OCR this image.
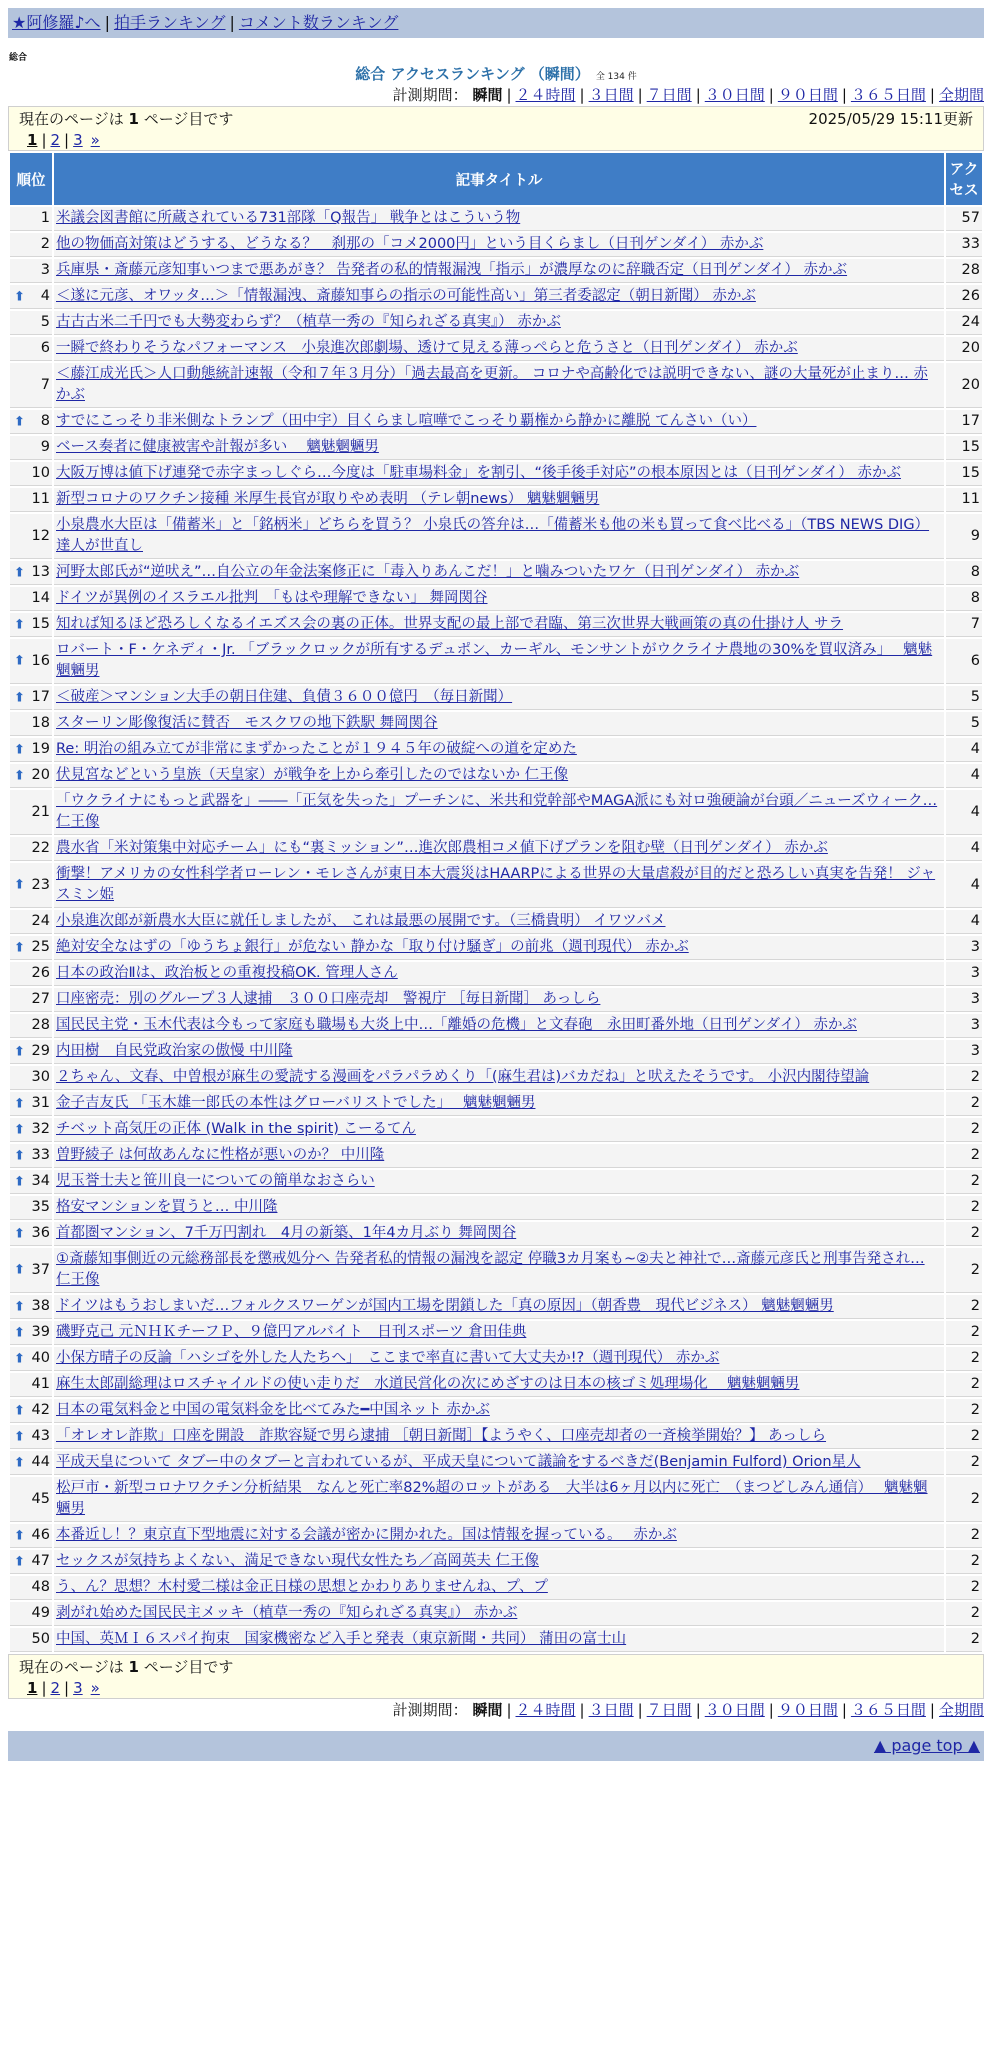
★阿修羅♪へ | 拍手ランキング | コメント数ランキング
総合
総合 アクセスランキング （瞬間） 全 134 件
計測期間： 瞬間 | ２４時間 | ３日間 | ７日間 | ３０日間 | ９０日間 | ３６５日間 | 全期間
現在のページは 1 ページ目です	2025/05/29 15:11更新
1 | 2 | 3 »
順位	記事タイトル	アクセス
1	米議会図書館に所蔵されている731部隊「Q報告」 戦争とはこういう物	57
2	他の物価高対策はどうする、どうなる？　刹那の「コメ2000円」という目くらまし（日刊ゲンダイ） 赤かぶ	33
3	兵庫県・斎藤元彦知事いつまで悪あがき？ 告発者の私的情報漏洩「指示」が濃厚なのに辞職否定（日刊ゲンダイ） 赤かぶ	28

⬆ 4	＜遂に元彦、オワッタ…＞「情報漏洩、斎藤知事らの指示の可能性高い」第三者委認定（朝日新聞） 赤かぶ	26
5	古古古米二千円でも大勢変わらず？（植草一秀の『知られざる真実』） 赤かぶ	24
6	一瞬で終わりそうなパフォーマンス　小泉進次郎劇場、透けて見える薄っぺらと危うさと（日刊ゲンダイ） 赤かぶ	20
7	＜藤江成光氏＞人口動態統計速報（令和７年３月分）「過去最高を更新。 コロナや高齢化では説明できない、謎の大量死が止まり… 赤かぶ	20

⬆ 8	すでにこっそり非米側なトランプ（田中宇）目くらまし喧嘩でこっそり覇権から静かに離脱 てんさい（い）	17
9	ベース奏者に健康被害や計報が多い　 魑魅魍魎男	15
10	大阪万博は値下げ連発で赤字まっしぐら…今度は「駐車場料金」を割引、“後手後手対応”の根本原因とは（日刊ゲンダイ） 赤かぶ	15
11	新型コロナのワクチン接種 米厚生長官が取りやめ表明 （テレ朝news） 魑魅魍魎男	11
12	小泉農水大臣は「備蓄米」と「銘柄米」どちらを買う？ 小泉氏の答弁は…「備蓄米も他の米も買って食べ比べる」（TBS NEWS DIG） 達人が世直し	9

⬆ 13	河野太郎氏が“逆吠え”…自公立の年金法案修正に「毒入りあんこだ！」と噛みついたワケ（日刊ゲンダイ） 赤かぶ	8
14	ドイツが異例のイスラエル批判　「もはや理解できない」 舞岡関谷	8

⬆ 15	知れば知るほど恐ろしくなるイエズス会の裏の正体。世界支配の最上部で君臨、第三次世界大戦画策の真の仕掛け人 サラ	7

⬆ 16	ロバート・F・ケネディ・Jr. 「ブラックロックが所有するデュポン、カーギル、モンサントがウクライナ農地の30%を買収済み」　 魑魅魍魎男	6

⬆ 17	＜破産＞マンション大手の朝日住建、負債３６００億円　（毎日新聞）	5
18	スターリン彫像復活に賛否　モスクワの地下鉄駅 舞岡関谷	5

⬆ 19	Re: 明治の組み立てが非常にまずかったことが１９４５年の破綻への道を定めた	4

⬆ 20	伏見宮などという皇族（天皇家）が戦争を上から牽引したのではないか 仁王像	4
21	「ウクライナにもっと武器を」――「正気を失った」プーチンに、米共和党幹部やMAGA派にも対ロ強硬論が台頭／ニューズウィーク… 仁王像	4
22	農水省「米対策集中対応チーム」にも“裏ミッション”…進次郎農相コメ値下げプランを阻む壁（日刊ゲンダイ） 赤かぶ	4

⬆ 23	衝撃！アメリカの女性科学者ローレン・モレさんが東日本大震災はHAARPによる世界の大量虐殺が目的だと恐ろしい真実を告発！ ジャスミン姫	4
24	小泉進次郎が新農水大臣に就任しましたが、 これは最悪の展開です。（三橋貴明） イワツバメ	4

⬆ 25	絶対安全なはずの「ゆうちょ銀行」が危ない 静かな「取り付け騒ぎ」の前兆（週刊現代） 赤かぶ	3
26	日本の政治Ⅱは、政治板との重複投稿OK. 管理人さん	3
27	口座密売：別のグループ３人逮捕　３００口座売却　警視庁 ［毎日新聞］ あっしら	3
28	国民民主党・玉木代表は今もって家庭も職場も大炎上中…「離婚の危機」と文春砲　永田町番外地（日刊ゲンダイ） 赤かぶ	3

⬆ 29	内田樹　自民党政治家の傲慢 中川隆	3
30	２ちゃん、文春、中曽根が麻生の愛読する漫画をパラパラめくり「(麻生君は)バカだね」と吠えたそうです。 小沢内閣待望論	2

⬆ 31	金子吉友氏 「玉木雄一郎氏の本性はグローバリストでした」　 魑魅魍魎男	2

⬆ 32	チベット高気圧の正体 (Walk in the spirit) こーるてん	2

⬆ 33	曽野綾子 は何故あんなに性格が悪いのか？ 中川隆	2

⬆ 34	児玉誉士夫と笹川良一についての簡単なおさらい	2
35	格安マンションを買うと… 中川隆	2

⬆ 36	首都圏マンション、7千万円割れ　4月の新築、1年4カ月ぶり 舞岡関谷	2

⬆ 37	①斎藤知事側近の元総務部長を懲戒処分へ 告発者私的情報の漏洩を認定 停職3カ月案も~②夫と神社で…斎藤元彦氏と刑事告発され… 仁王像	2

⬆ 38	ドイツはもうおしまいだ…フォルクスワーゲンが国内工場を閉鎖した「真の原因」（朝香豊　現代ビジネス） 魑魅魍魎男	2

⬆ 39	磯野克己 元ＮＨＫチーフＰ、９億円アルバイト　日刊スポーツ 倉田佳典	2

⬆ 40	小保方晴子の反論「ハシゴを外した人たちへ」　ここまで率直に書いて大丈夫か!?（週刊現代） 赤かぶ	2
41	麻生太郎副総理はロスチャイルドの使い走りだ　水道民営化の次にめざすのは日本の核ゴミ処理場化　 魑魅魍魎男	2

⬆ 42	日本の電気料金と中国の電気料金を比べてみた━中国ネット 赤かぶ	2

⬆ 43	「オレオレ詐欺」口座を開設　詐欺容疑で男ら逮捕 ［朝日新聞］【ようやく、口座売却者の一斉検挙開始？】 あっしら	2

⬆ 44	平成天皇について タブー中のタブーと言われているが、平成天皇について議論をするべきだ(Benjamin Fulford) Orion星人	2
45	松戸市・新型コロナワクチン分析結果　なんと死亡率82%超のロットがある　大半は6ヶ月以内に死亡　（まつどしみん通信）　 魑魅魍魎男	2

⬆ 46	本番近し！？東京直下型地震に対する会議が密かに開かれた。国は情報を握っている。　 赤かぶ	2

⬆ 47	セックスが気持ちよくない、満足できない現代女性たち／高岡英夫 仁王像	2
48	う、ん？思想？木村愛二様は金正日様の思想とかわりありませんね、プ、プ	2
49	剥がれ始めた国民民主メッキ（植草一秀の『知られざる真実』） 赤かぶ	2
50	中国、英ＭＩ６スパイ拘束　国家機密など入手と発表（東京新聞・共同） 蒲田の富士山	2
現在のページは 1 ページ目です
1 | 2 | 3 »
計測期間： 瞬間 | ２４時間 | ３日間 | ７日間 | ３０日間 | ９０日間 | ３６５日間 | 全期間
▲ page top ▲
